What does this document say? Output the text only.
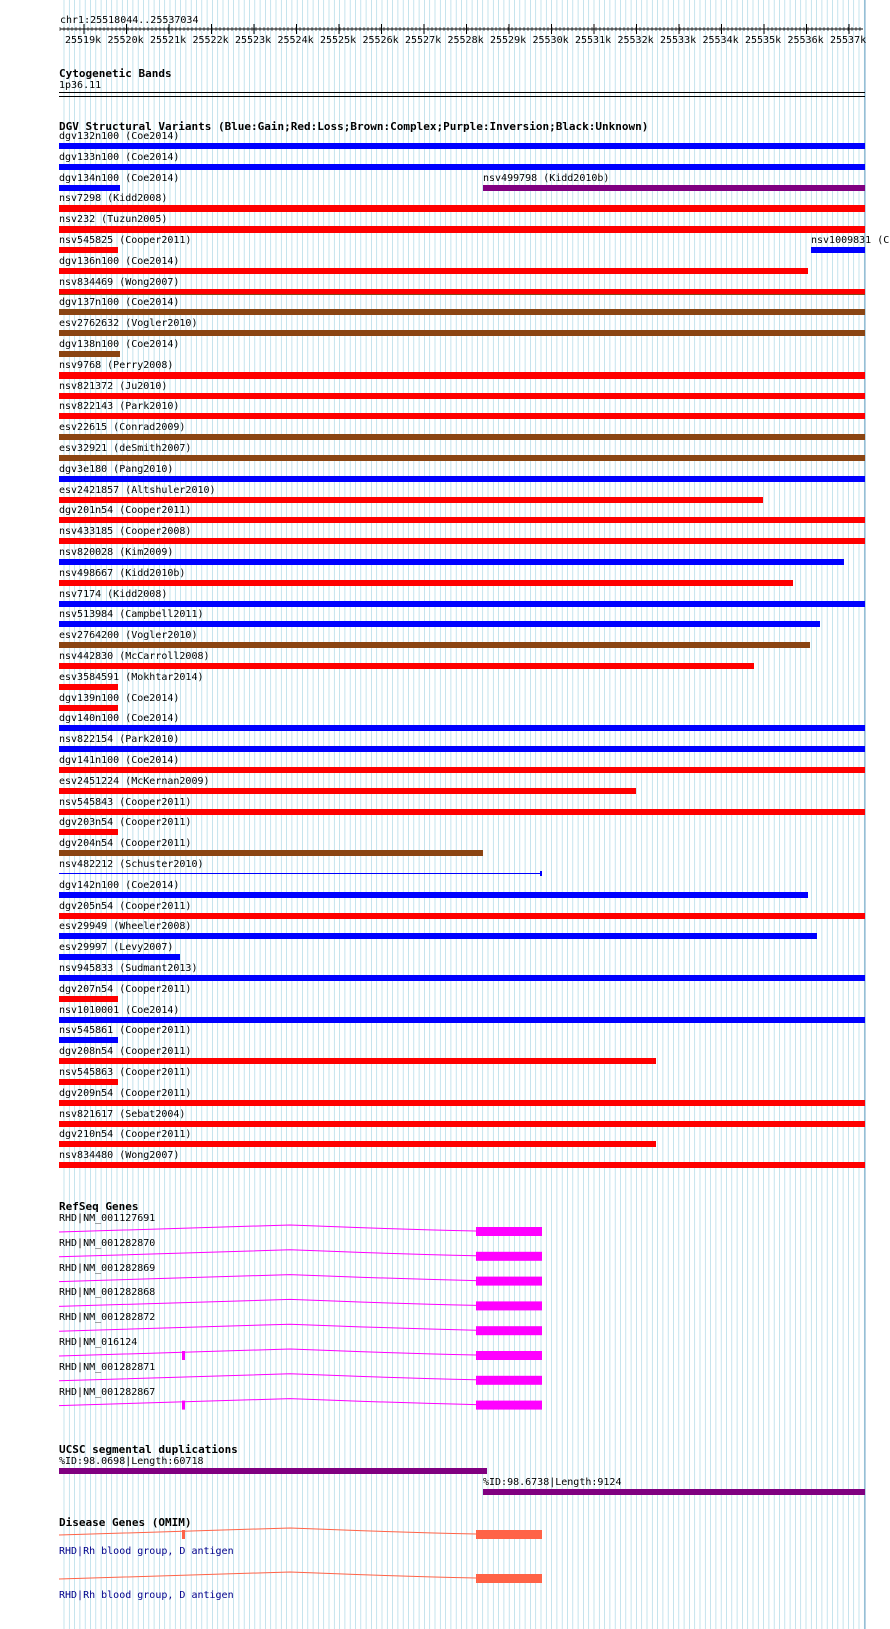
chr1:25518044..25537034
25519k 25520k 25521k 25522k 25523k 25524k 25525k 25526k 25527k 25528k 25529k 25530k 25531k 25532k 25533k 25534k 25535k 25536k 25537k
Cytogenetic Bands
1p36.11
DGV Structural Variants (Blue:Gain;Red:Loss;Brown:Complex;Purple:Inversion;Black:Unknown)
dgv132n100 (Coe2014)
dgv133n100 (Coe2014)
dgv134n100 (Coe2014)	nsv499798 (Kidd2010b)
nsv7298 (Kidd2008)
nsv232 (Tuzun2005)
nsv545825 (Cooper2011)	nsv1009831 (C
dgv136n100 (Coe2014)
nsv834469 (Wong2007)
dgv137n100 (Coe2014)
esv2762632 (Vogler2010)
dgv138n100 (Coe2014)
nsv9768 (Perry2008)
nsv821372 (Ju2010)
nsv822143 (Park2010)
esv22615 (Conrad2009)
esv32921 (deSmith2007)
dgv3e180 (Pang2010)
esv2421857 (Altshuler2010)
dgv201n54 (Cooper2011)
nsv433185 (Cooper2008)
nsv820028 (Kim2009)
nsv498667 (Kidd2010b)
nsv7174 (Kidd2008)
nsv513984 (Campbell2011)
esv2764200 (Vogler2010)
nsv442830 (McCarroll2008)
esv3584591 (Mokhtar2014)
dgv139n100 (Coe2014)
dgv140n100 (Coe2014)
nsv822154 (Park2010)
dgv141n100 (Coe2014)
esv2451224 (McKernan2009)
nsv545843 (Cooper2011)
dgv203n54 (Cooper2011)
dgv204n54 (Cooper2011)
nsv482212 (Schuster2010)
dgv142n100 (Coe2014)
dgv205n54 (Cooper2011)
esv29949 (Wheeler2008)
esv29997 (Levy2007)
nsv945833 (Sudmant2013)
dgv207n54 (Cooper2011)
nsv1010001 (Coe2014)
nsv545861 (Cooper2011)
dgv208n54 (Cooper2011)
nsv545863 (Cooper2011)
dgv209n54 (Cooper2011)
nsv821617 (Sebat2004)
dgv210n54 (Cooper2011)
nsv834480 (Wong2007)
RefSeq Genes
RHD|NM_001127691
RHD|NM_001282870
RHD|NM_001282869
RHD|NM_001282868
RHD|NM_001282872
RHD|NM_016124
RHD|NM_001282871
RHD|NM_001282867
UCSC segmental duplications
%ID:98.0698|Length:60718
%ID:98.6738|Length:9124
Disease Genes (OMIM)
RHD|Rh blood group, D antigen
RHD|Rh blood group, D antigen
